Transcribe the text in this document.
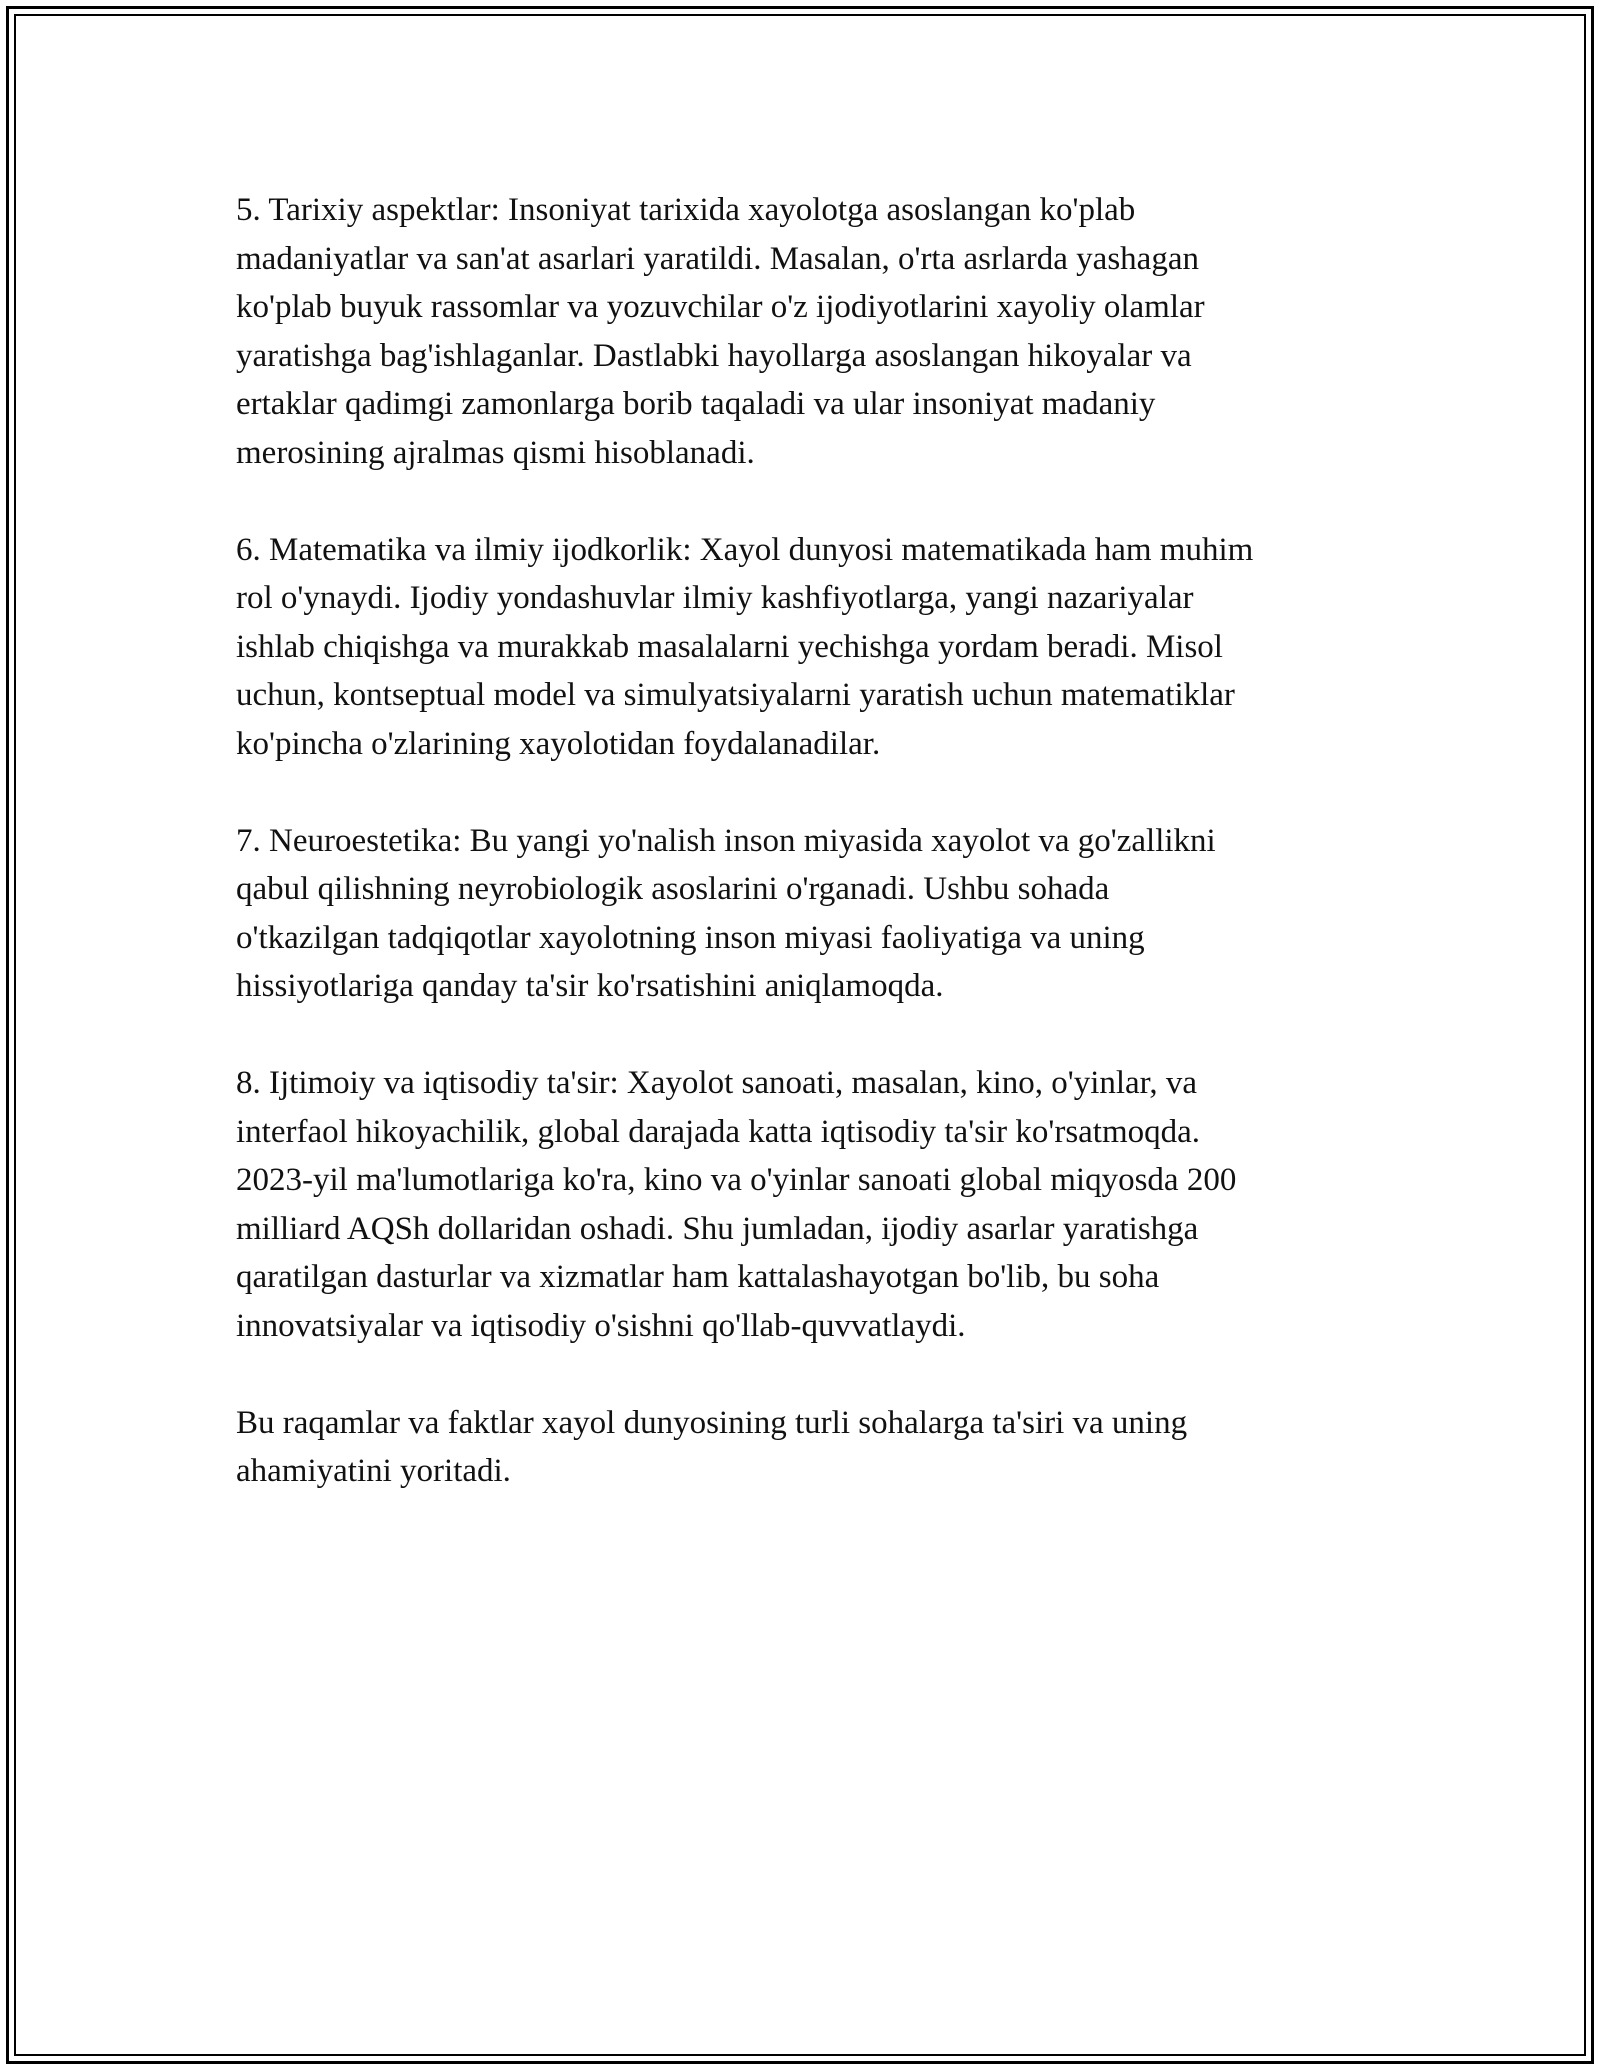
5. Tarixiy aspektlar: Insoniyat tarixida xayolotga asoslangan ko'plab
madaniyatlar va san'at asarlari yaratildi. Masalan, o'rta asrlarda yashagan
ko'plab buyuk rassomlar va yozuvchilar o'z ijodiyotlarini xayoliy olamlar
yaratishga bag'ishlaganlar. Dastlabki hayollarga asoslangan hikoyalar va
ertaklar qadimgi zamonlarga borib taqaladi va ular insoniyat madaniy
merosining ajralmas qismi hisoblanadi.

6. Matematika va ilmiy ijodkorlik: Xayol dunyosi matematikada ham muhim
rol o'ynaydi. Ijodiy yondashuvlar ilmiy kashfiyotlarga, yangi nazariyalar
ishlab chiqishga va murakkab masalalarni yechishga yordam beradi. Misol
uchun, kontseptual model va simulyatsiyalarni yaratish uchun matematiklar
ko'pincha o'zlarining xayolotidan foydalanadilar.

7. Neuroestetika: Bu yangi yo'nalish inson miyasida xayolot va go'zallikni
qabul qilishning neyrobiologik asoslarini o'rganadi. Ushbu sohada
o'tkazilgan tadqiqotlar xayolotning inson miyasi faoliyatiga va uning
hissiyotlariga qanday ta'sir ko'rsatishini aniqlamoqda.

8. Ijtimoiy va iqtisodiy ta'sir: Xayolot sanoati, masalan, kino, o'yinlar, va
interfaol hikoyachilik, global darajada katta iqtisodiy ta'sir ko'rsatmoqda.
2023-yil ma'lumotlariga ko'ra, kino va o'yinlar sanoati global miqyosda 200
milliard AQSh dollaridan oshadi. Shu jumladan, ijodiy asarlar yaratishga
qaratilgan dasturlar va xizmatlar ham kattalashayotgan bo'lib, bu soha
innovatsiyalar va iqtisodiy o'sishni qo'llab-quvvatlaydi.

Bu raqamlar va faktlar xayol dunyosining turli sohalarga ta'siri va uning
ahamiyatini yoritadi.
